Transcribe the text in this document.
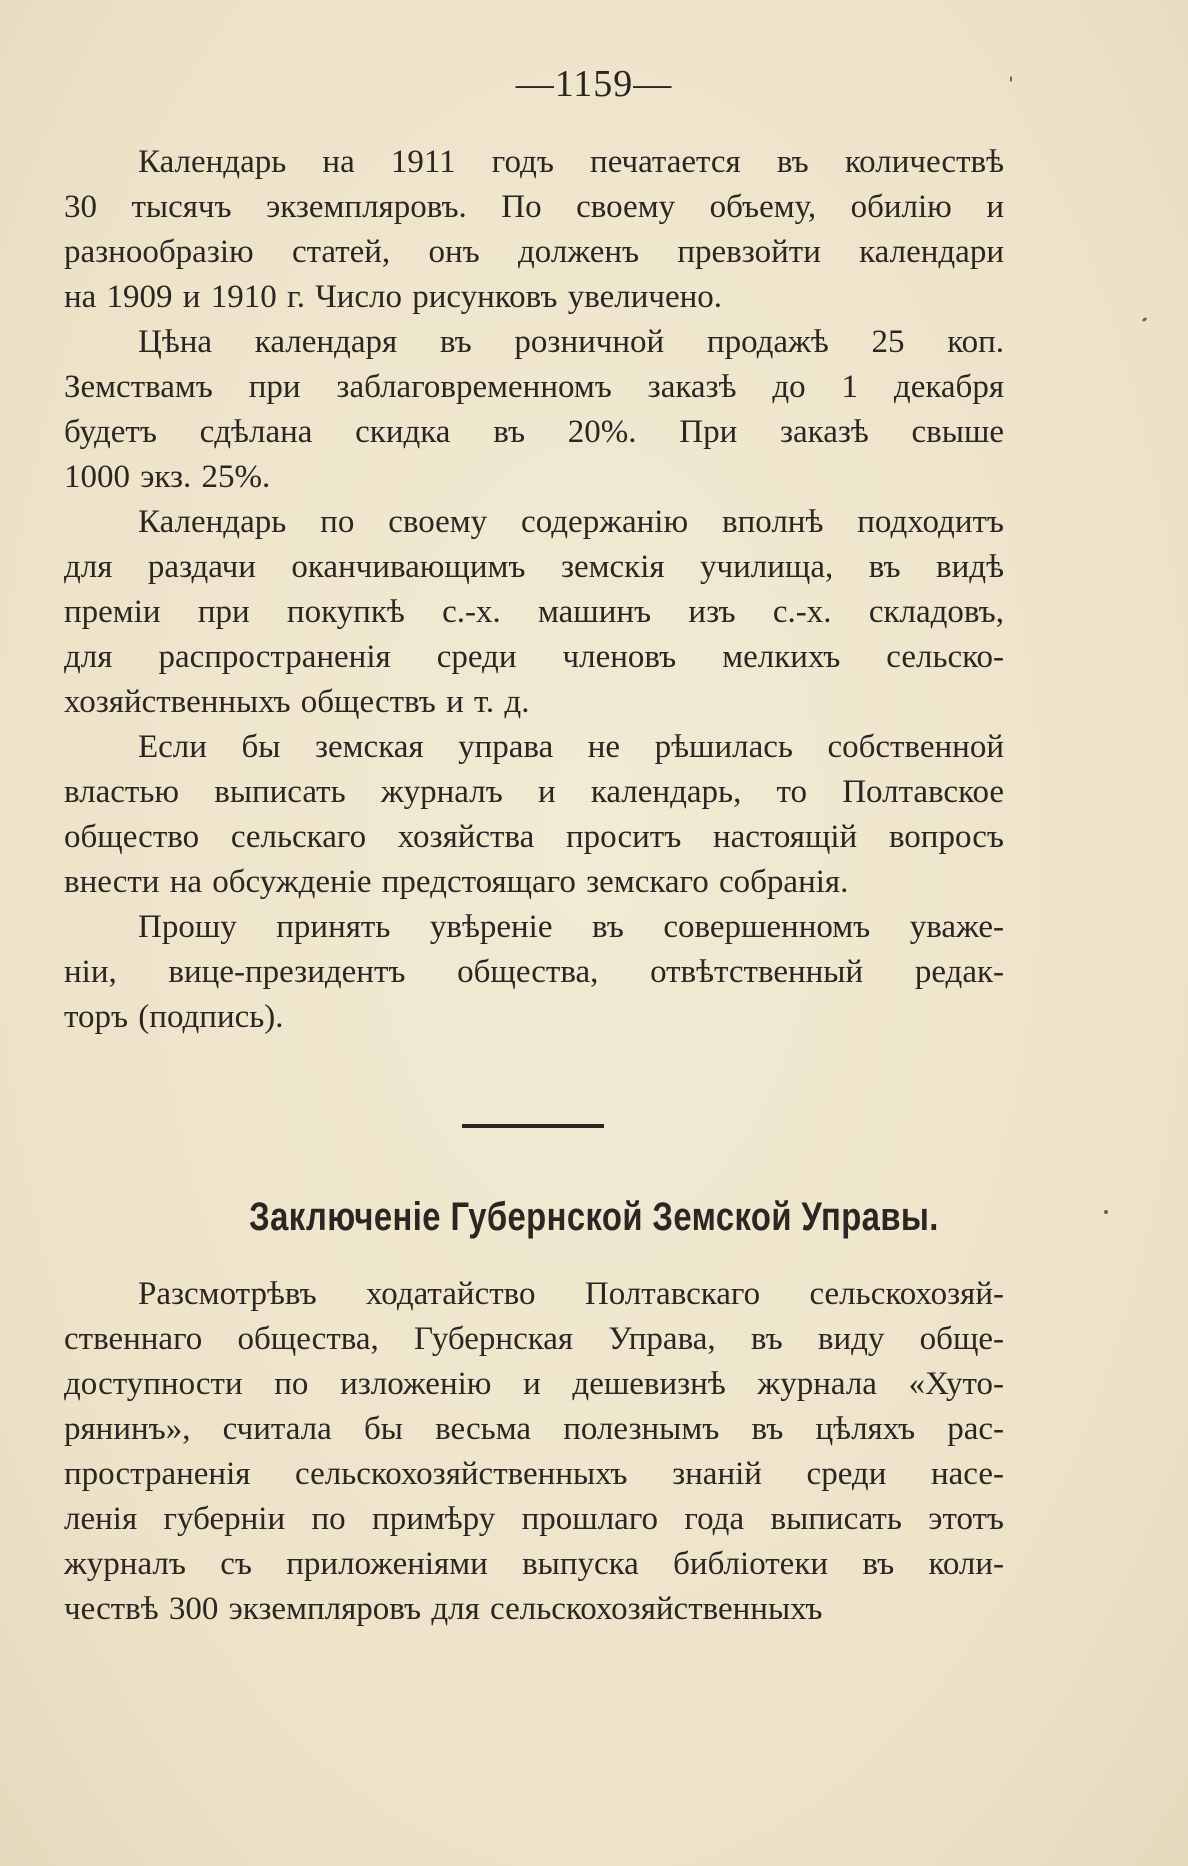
—1159—
Календарь на 1911 годъ печатается въ количествѣ
30 тысячъ экземпляровъ. По своему объему, обилію и
разнообразію статей, онъ долженъ превзойти календари
на 1909 и 1910 г. Число рисунковъ увеличено.
Цѣна календаря въ розничной продажѣ 25 коп.
Земствамъ при заблаговременномъ заказѣ до 1 декабря
будетъ сдѣлана скидка въ 20%. При заказѣ свыше
1000 экз. 25%.
Календарь по своему содержанію вполнѣ подходитъ
для раздачи оканчивающимъ земскія училища, въ видѣ
преміи при покупкѣ с.-х. машинъ изъ с.-х. складовъ,
для распространенія среди членовъ мелкихъ сельско-
хозяйственныхъ обществъ и т. д.
Если бы земская управа не рѣшилась собственной
властью выписать журналъ и календарь, то Полтавское
общество сельскаго хозяйства проситъ настоящій вопросъ
внести на обсужденіе предстоящаго земскаго собранія.
Прошу принять увѣреніе въ совершенномъ уваже-
ніи, вице-президентъ общества, отвѣтственный редак-
торъ (подпись).
Заключеніе Губернской Земской Управы.
Разсмотрѣвъ ходатайство Полтавскаго сельскохозяй-
ственнаго общества, Губернская Управа, въ виду обще-
доступности по изложенію и дешевизнѣ журнала «Хуто-
рянинъ», считала бы весьма полезнымъ въ цѣляхъ рас-
пространенія сельскохозяйственныхъ знаній среди насе-
ленія губерніи по примѣру прошлаго года выписать этотъ
журналъ съ приложеніями выпуска библіотеки въ коли-
чествѣ 300 экземпляровъ для сельскохозяйственныхъ
